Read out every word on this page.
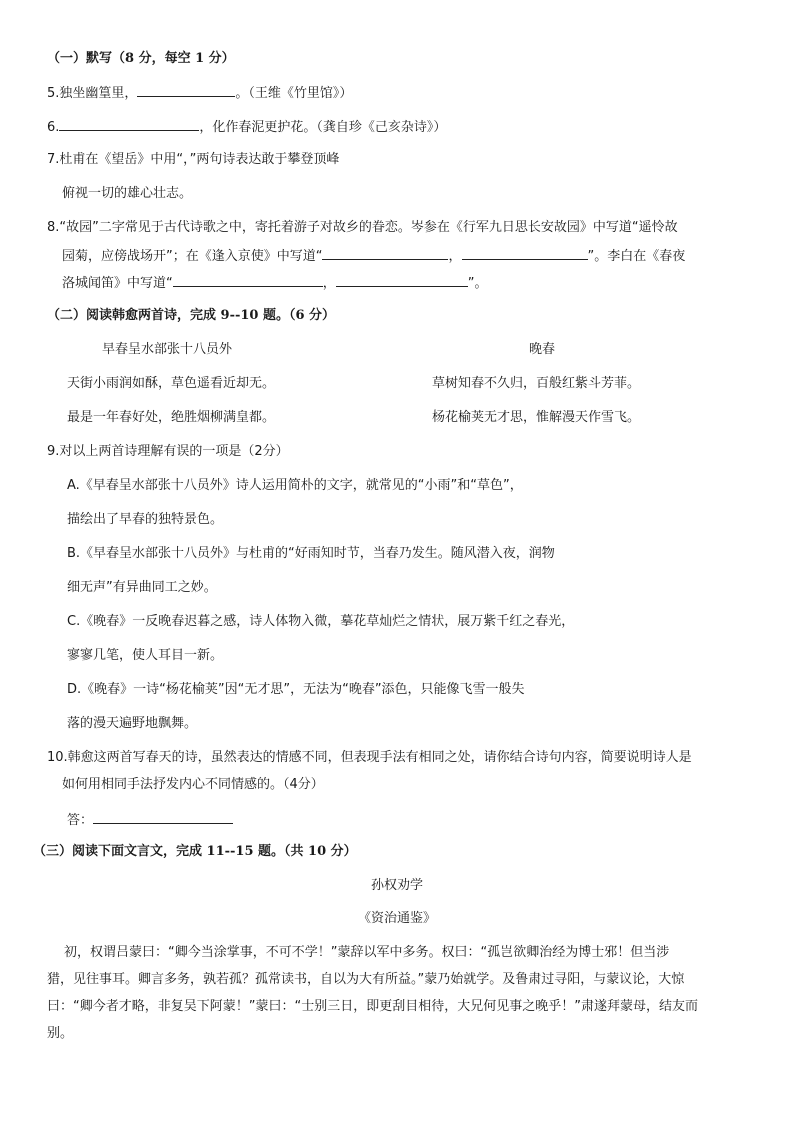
（一）默写（8 分，每空 1 分）
5.独坐幽篁里，	。（王维《竹里馆》）
6.	，化作春泥更护花。（龚自珍《己亥杂诗》）
7.杜甫在《望岳》中用“，”两句诗表达敢于攀登顶峰
俯视一切的雄心壮志。
8.“故园”二字常见于古代诗歌之中，寄托着游子对故乡的眷恋。岑参在《行军九日思长安故园》中写道“遥怜故
园菊，应傍战场开”；在《逢入京使》中写道“	，	”。李白在《春夜
洛城闻笛》中写道“	，	”。
（二）阅读韩愈两首诗，完成 9--10 题。（6 分）
早春呈水部张十八员外	晚春
天街小雨润如酥，草色遥看近却无。	草树知春不久归，百般红紫斗芳菲。
最是一年春好处，绝胜烟柳满皇都。	杨花榆荚无才思，惟解漫天作雪飞。
9.对以上两首诗理解有误的一项是（2分）
A.《早春呈水部张十八员外》诗人运用简朴的文字，就常见的“小雨”和“草色”，
描绘出了早春的独特景色。
B.《早春呈水部张十八员外》与杜甫的“好雨知时节，当春乃发生。随风潜入夜，润物
细无声”有异曲同工之妙。
C.《晚春》一反晚春迟暮之感，诗人体物入微，摹花草灿烂之情状，展万紫千红之春光，
寥寥几笔，使人耳目一新。
D.《晚春》一诗“杨花榆荚”因“无才思”，无法为“晚春”添色，只能像飞雪一般失
落的漫天遍野地飘舞。
10.韩愈这两首写春天的诗，虽然表达的情感不同，但表现手法有相同之处，请你结合诗句内容，简要说明诗人是
如何用相同手法抒发内心不同情感的。（4分）
答：
（三）阅读下面文言文，完成 11--15 题。（共 10 分）
孙权劝学
《资治通鉴》
初，权谓吕蒙曰：“卿今当涂掌事，不可不学！”蒙辞以军中多务。权曰：“孤岂欲卿治经为博士邪！但当涉
猎，见往事耳。卿言多务，孰若孤？孤常读书，自以为大有所益。”蒙乃始就学。及鲁肃过寻阳，与蒙议论，大惊
曰：“卿今者才略，非复吴下阿蒙！”蒙曰：“士别三日，即更刮目相待，大兄何见事之晚乎！”肃遂拜蒙母，结友而
别。
